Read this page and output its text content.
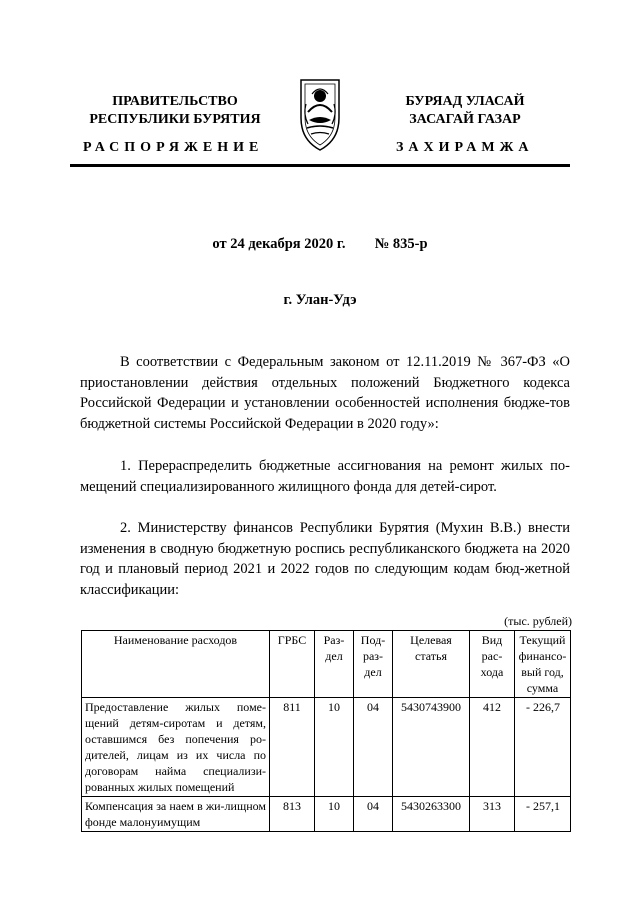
ПРАВИТЕЛЬСТВО
РЕСПУБЛИКИ БУРЯТИЯ
БУРЯАД УЛАСАЙ
ЗАСАГАЙ ГАЗАР
РАСПОРЯЖЕНИЕ	ЗАХИРАМЖА
от 24 декабря 2020 г. № 835-р
г. Улан-Удэ
В соответствии с Федеральным законом от 12.11.2019 № 367-ФЗ «О приостановлении действия отдельных положений Бюджетного кодекса Российской Федерации и установлении особенностей исполнения бюдже-тов бюджетной системы Российской Федерации в 2020 году»:
1. Перераспределить бюджетные ассигнования на ремонт жилых по-мещений специализированного жилищного фонда для детей-сирот.
2. Министерству финансов Республики Бурятия (Мухин В.В.) внести изменения в сводную бюджетную роспись республиканского бюджета на 2020 год и плановый период 2021 и 2022 годов по следующим кодам бюд-жетной классификации:
(тыс. рублей)
Наименование расходов	ГРБС	Раз-дел	Под-раз-дел	Целевая статья	Вид рас-хода	Текущий финансо-вый год, сумма
Предоставление жилых поме-щений детям-сиротам и детям, оставшимся без попечения ро-дителей, лицам из их числа по договорам найма специализи-рованных жилых помещений	811	10	04	5430743900	412	- 226,7
Компенсация за наем в жи-лищном фонде малонуимущим	813	10	04	5430263300	313	- 257,1
